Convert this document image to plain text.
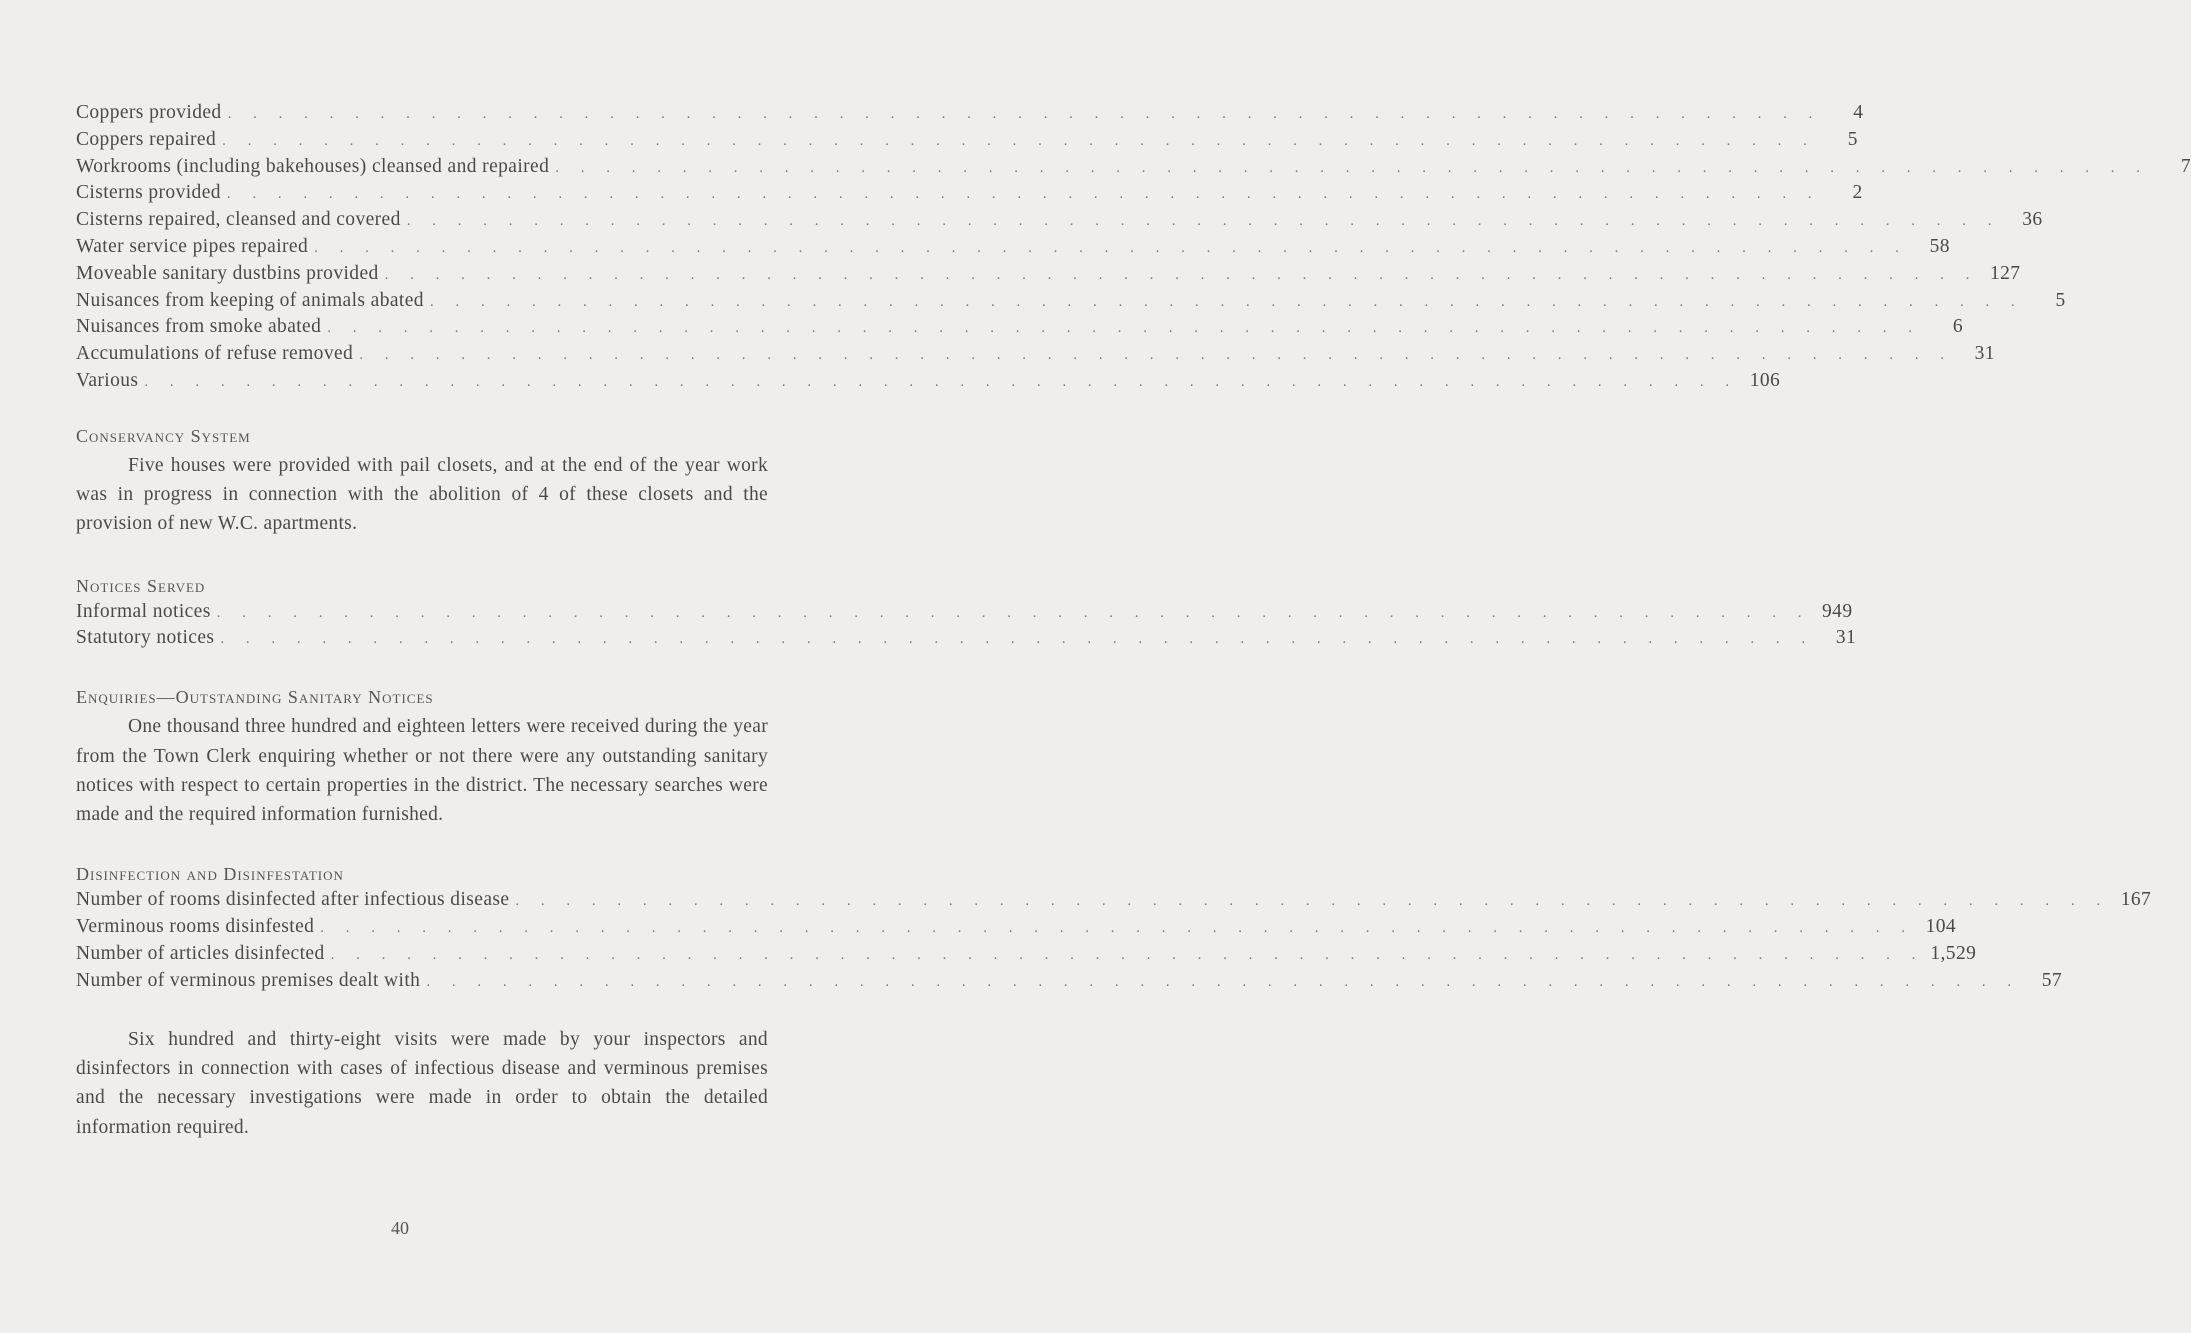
Coppers provided . . . . . . . . . . . . . . . . . . . . . . . . . . . . . . . . . . . . . . . . . . . . . . . . . . . . . . . . . . . . . . .	4
Coppers repaired . . . . . . . . . . . . . . . . . . . . . . . . . . . . . . . . . . . . . . . . . . . . . . . . . . . . . . . . . . . . . . .	5
Workrooms (including bakehouses) cleansed and repaired . . . . . . . . . . . . . . . . . . . . . . . . . . . . . . . . . . . . . . . . . . . . . . . . . . . . . . . . . . . . . . .	7
Cisterns provided . . . . . . . . . . . . . . . . . . . . . . . . . . . . . . . . . . . . . . . . . . . . . . . . . . . . . . . . . . . . . . .	2
Cisterns repaired, cleansed and covered . . . . . . . . . . . . . . . . . . . . . . . . . . . . . . . . . . . . . . . . . . . . . . . . . . . . . . . . . . . . . . .	36
Water service pipes repaired . . . . . . . . . . . . . . . . . . . . . . . . . . . . . . . . . . . . . . . . . . . . . . . . . . . . . . . . . . . . . . .	58
Moveable sanitary dustbins provided . . . . . . . . . . . . . . . . . . . . . . . . . . . . . . . . . . . . . . . . . . . . . . . . . . . . . . . . . . . . . . . 127
Nuisances from keeping of animals abated . . . . . . . . . . . . . . . . . . . . . . . . . . . . . . . . . . . . . . . . . . . . . . . . . . . . . . . . . . . . . . .	5
Nuisances from smoke abated . . . . . . . . . . . . . . . . . . . . . . . . . . . . . . . . . . . . . . . . . . . . . . . . . . . . . . . . . . . . . . .	6
Accumulations of refuse removed . . . . . . . . . . . . . . . . . . . . . . . . . . . . . . . . . . . . . . . . . . . . . . . . . . . . . . . . . . . . . . .	31
Various . . . . . . . . . . . . . . . . . . . . . . . . . . . . . . . . . . . . . . . . . . . . . . . . . . . . . . . . . . . . . . . 106
Conservancy System

Five houses were provided with pail closets, and at the end of the year work was in progress in connection with the abolition of 4 of these closets and the provision of new W.C. apartments.

Notices Served
Informal notices . . . . . . . . . . . . . . . . . . . . . . . . . . . . . . . . . . . . . . . . . . . . . . . . . . . . . . . . . . . . . . . 949
Statutory notices . . . . . . . . . . . . . . . . . . . . . . . . . . . . . . . . . . . . . . . . . . . . . . . . . . . . . . . . . . . . . . .	31
Enquiries—Outstanding Sanitary Notices

One thousand three hundred and eighteen letters were received during the year from the Town Clerk enquiring whether or not there were any outstanding sanitary notices with respect to certain properties in the district. The necessary searches were made and the required information furnished.

Disinfection and Disinfestation
Number of rooms disinfected after infectious disease . . . . . . . . . . . . . . . . . . . . . . . . . . . . . . . . . . . . . . . . . . . . . . . . . . . . . . . . . . . . . . . 167
Verminous rooms disinfested . . . . . . . . . . . . . . . . . . . . . . . . . . . . . . . . . . . . . . . . . . . . . . . . . . . . . . . . . . . . . . . 104
Number of articles disinfected . . . . . . . . . . . . . . . . . . . . . . . . . . . . . . . . . . . . . . . . . . . . . . . . . . . . . . . . . . . . . . . 1,529
Number of verminous premises dealt with . . . . . . . . . . . . . . . . . . . . . . . . . . . . . . . . . . . . . . . . . . . . . . . . . . . . . . . . . . . . . . .	57

Six hundred and thirty-eight visits were made by your inspectors and disinfectors in connection with cases of infectious disease and verminous premises and the necessary investigations were made in order to obtain the detailed information required.

40
